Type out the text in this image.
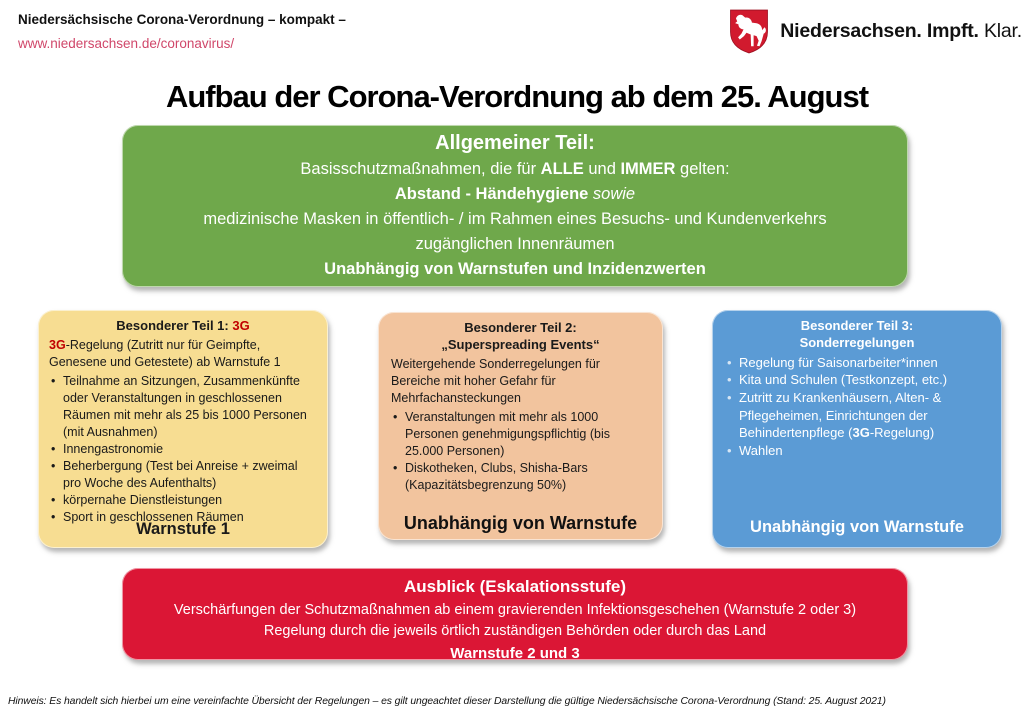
Niedersächsische Corona-Verordnung – kompakt –
www.niedersachsen.de/coronavirus/
Niedersachsen. Impft. Klar.
Aufbau der Corona-Verordnung ab dem 25. August
Allgemeiner Teil:
Basisschutzmaßnahmen, die für ALLE und IMMER gelten:
Abstand - Händehygiene sowie
medizinische Masken in öffentlich- / im Rahmen eines Besuchs- und Kundenverkehrs
zugänglichen Innenräumen
Unabhängig von Warnstufen und Inzidenzwerten
Besonderer Teil 1: 3G

3G-Regelung (Zutritt nur für Geimpfte, Genesene und Getestete) ab Warnstufe 1

• Teilnahme an Sitzungen, Zusammenkünfte oder Veranstaltungen in geschlossenen Räumen mit mehr als 25 bis 1000 Personen (mit Ausnahmen)
• Innengastronomie
• Beherbergung (Test bei Anreise + zweimal pro Woche des Aufenthalts)
• körpernahe Dienstleistungen
• Sport in geschlossenen Räumen
Warnstufe 1
Besonderer Teil 2:
„Superspreading Events“

Weitergehende Sonderregelungen für Bereiche mit hoher Gefahr für Mehrfachansteckungen

• Veranstaltungen mit mehr als 1000 Personen genehmigungspflichtig (bis 25.000 Personen)
• Diskotheken, Clubs, Shisha-Bars (Kapazitätsbegrenzung 50%)
Unabhängig von Warnstufe
Besonderer Teil 3:
Sonderregelungen
• Regelung für Saisonarbeiter*innen
• Kita und Schulen (Testkonzept, etc.)
• Zutritt zu Krankenhäusern, Alten- & Pflegeheimen, Einrichtungen der Behindertenpflege (3G-Regelung)
• Wahlen
Unabhängig von Warnstufe
Ausblick (Eskalationsstufe)
Verschärfungen der Schutzmaßnahmen ab einem gravierenden Infektionsgeschehen (Warnstufe 2 oder 3)
Regelung durch die jeweils örtlich zuständigen Behörden oder durch das Land
Warnstufe 2 und 3
Hinweis: Es handelt sich hierbei um eine vereinfachte Übersicht der Regelungen – es gilt ungeachtet dieser Darstellung die gültige Niedersächsische Corona-Verordnung (Stand: 25. August 2021)
